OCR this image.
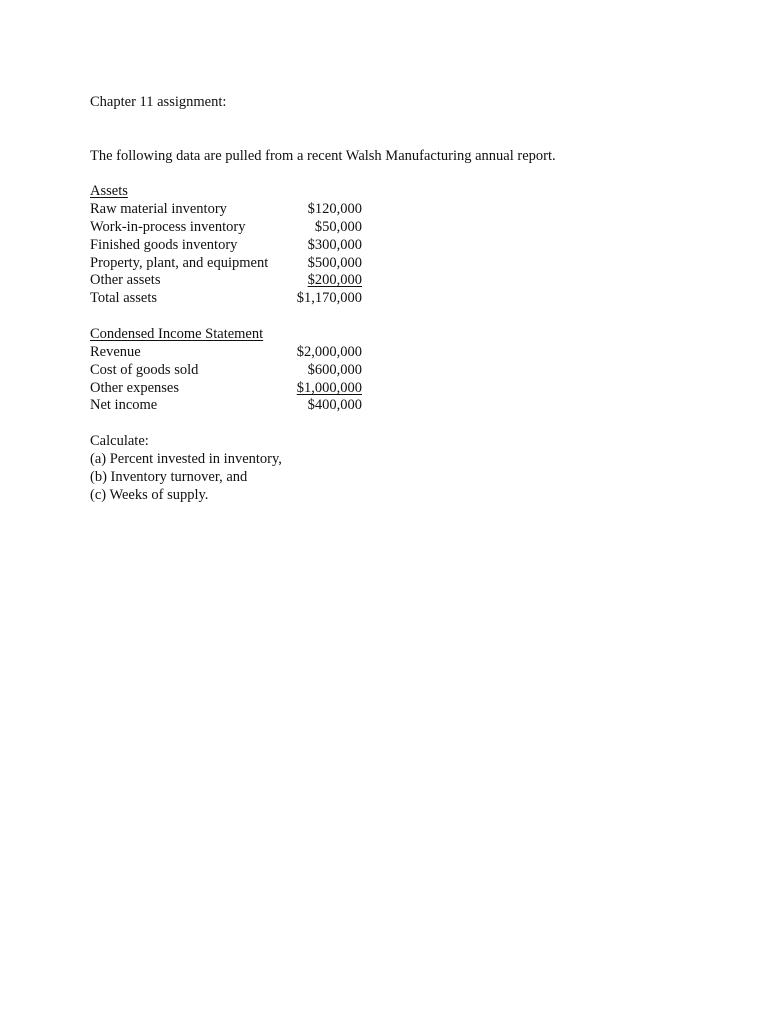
Chapter 11 assignment:
The following data are pulled from a recent Walsh Manufacturing annual report.
Assets
Raw material inventory	$120,000
Work-in-process inventory	$50,000
Finished goods inventory	$300,000
Property, plant, and equipment	$500,000
Other assets	$200,000
Total assets	$1,170,000
Condensed Income Statement
Revenue	$2,000,000
Cost of goods sold	$600,000
Other expenses	$1,000,000
Net income	$400,000
Calculate:
(a) Percent invested in inventory,
(b) Inventory turnover, and
(c) Weeks of supply.
